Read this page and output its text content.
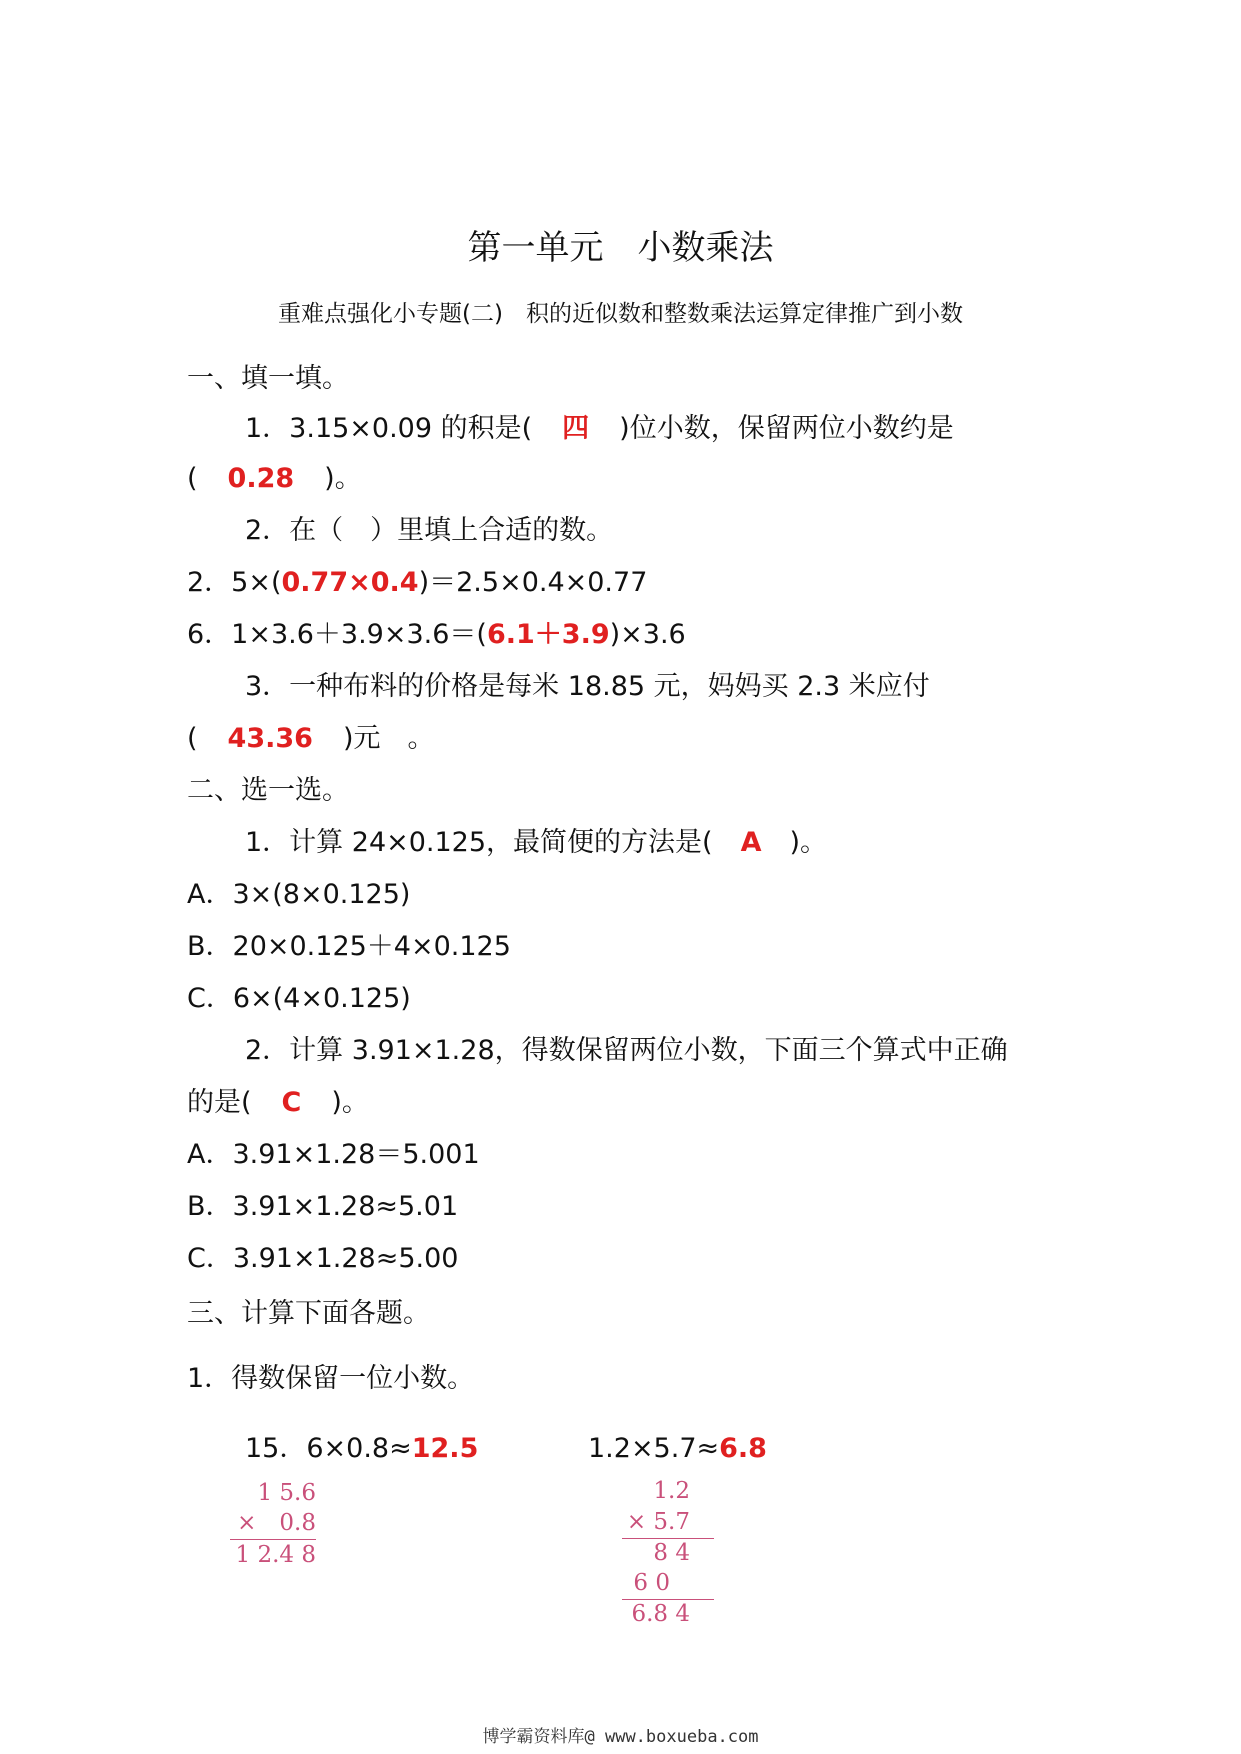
第一单元　小数乘法
重难点强化小专题(二)　积的近似数和整数乘法运算定律推广到小数
一、填一填。
1．3.15×0.09 的积是( 四 )位小数，保留两位小数约是
( 0.28 )。
2．在（　）里填上合适的数。
2．5×(0.77×0.4)＝2.5×0.4×0.77
6．1×3.6＋3.9×3.6＝(6.1＋3.9)×3.6
3．一种布料的价格是每米 18.85 元，妈妈买 2.3 米应付
( 43.36 )元　。
二、选一选。
1．计算 24×0.125，最简便的方法是( A )。
A．3×(8×0.125)
B．20×0.125＋4×0.125
C．6×(4×0.125)
2．计算 3.91×1.28，得数保留两位小数，下面三个算式中正确
的是( C )。
A．3.91×1.28＝5.001
B．3.91×1.28≈5.01
C．3.91×1.28≈5.00
三、计算下面各题。
1．得数保留一位小数。
15．6×0.8≈12.5	1.2×5.7≈6.8
1 5.6
×　0.8
1 2.4 8
1.2
× 5.7
8 4
6 0
6.8 4
博学霸资料库@ www.boxueba.com
